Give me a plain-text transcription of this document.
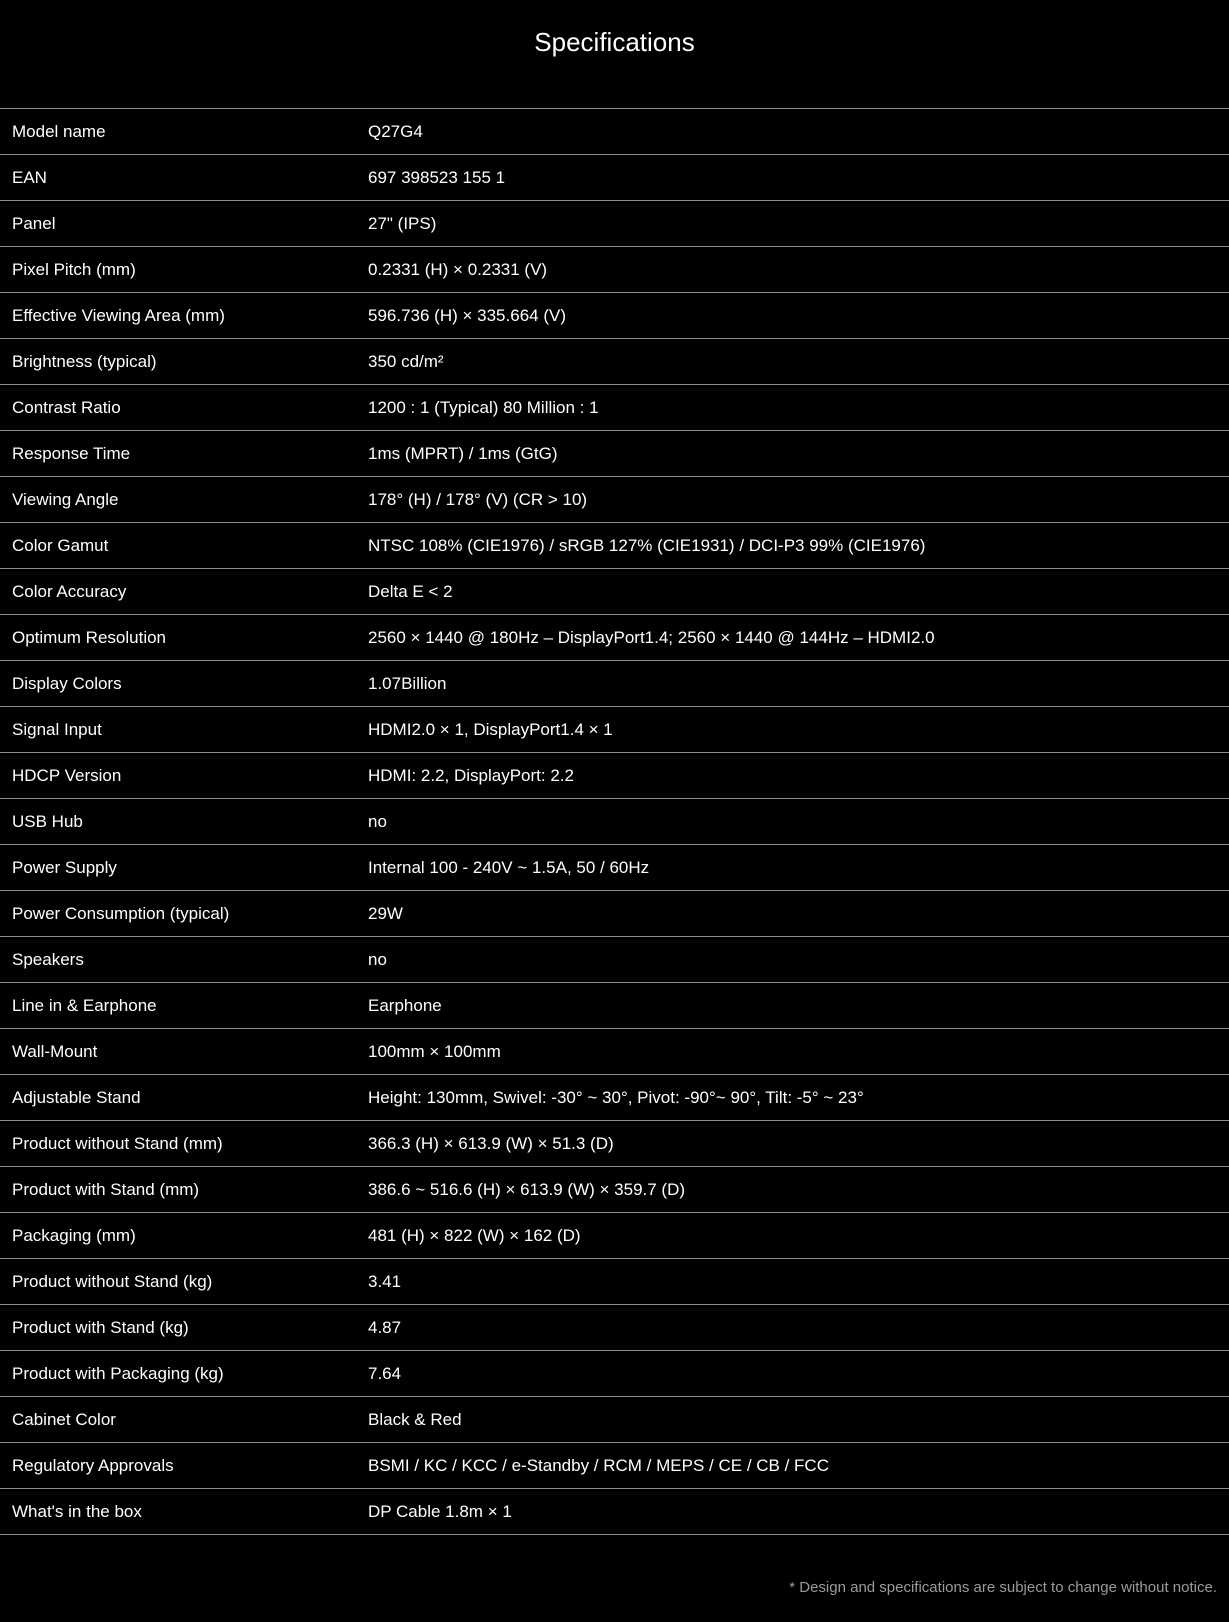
Specifications
Model name	Q27G4
EAN	697 398523 155 1
Panel	27" (IPS)
Pixel Pitch (mm)	0.2331 (H) × 0.2331 (V)
Effective Viewing Area (mm)	596.736 (H) × 335.664 (V)
Brightness (typical)	350 cd/m²
Contrast Ratio	1200 : 1 (Typical) 80 Million : 1
Response Time	1ms (MPRT) / 1ms (GtG)
Viewing Angle	178° (H) / 178° (V) (CR > 10)
Color Gamut	NTSC 108% (CIE1976) / sRGB 127% (CIE1931) / DCI-P3 99% (CIE1976)
Color Accuracy	Delta E < 2
Optimum Resolution	2560 × 1440 @ 180Hz – DisplayPort1.4; 2560 × 1440 @ 144Hz – HDMI2.0
Display Colors	1.07Billion
Signal Input	HDMI2.0 × 1, DisplayPort1.4 × 1
HDCP Version	HDMI: 2.2, DisplayPort: 2.2
USB Hub	no
Power Supply	Internal 100 - 240V ~ 1.5A, 50 / 60Hz
Power Consumption (typical)	29W
Speakers	no
Line in & Earphone	Earphone
Wall-Mount	100mm × 100mm
Adjustable Stand	Height: 130mm, Swivel: -30° ~ 30°, Pivot: -90°~ 90°, Tilt: -5° ~ 23°
Product without Stand (mm)	366.3 (H) × 613.9 (W) × 51.3 (D)
Product with Stand (mm)	386.6 ~ 516.6 (H) × 613.9 (W) × 359.7 (D)
Packaging (mm)	481 (H) × 822 (W) × 162 (D)
Product without Stand (kg)	3.41
Product with Stand (kg)	4.87
Product with Packaging (kg)	7.64
Cabinet Color	Black & Red
Regulatory Approvals	BSMI / KC / KCC / e-Standby / RCM / MEPS / CE / CB / FCC
What's in the box	DP Cable 1.8m × 1
* Design and specifications are subject to change without notice.
